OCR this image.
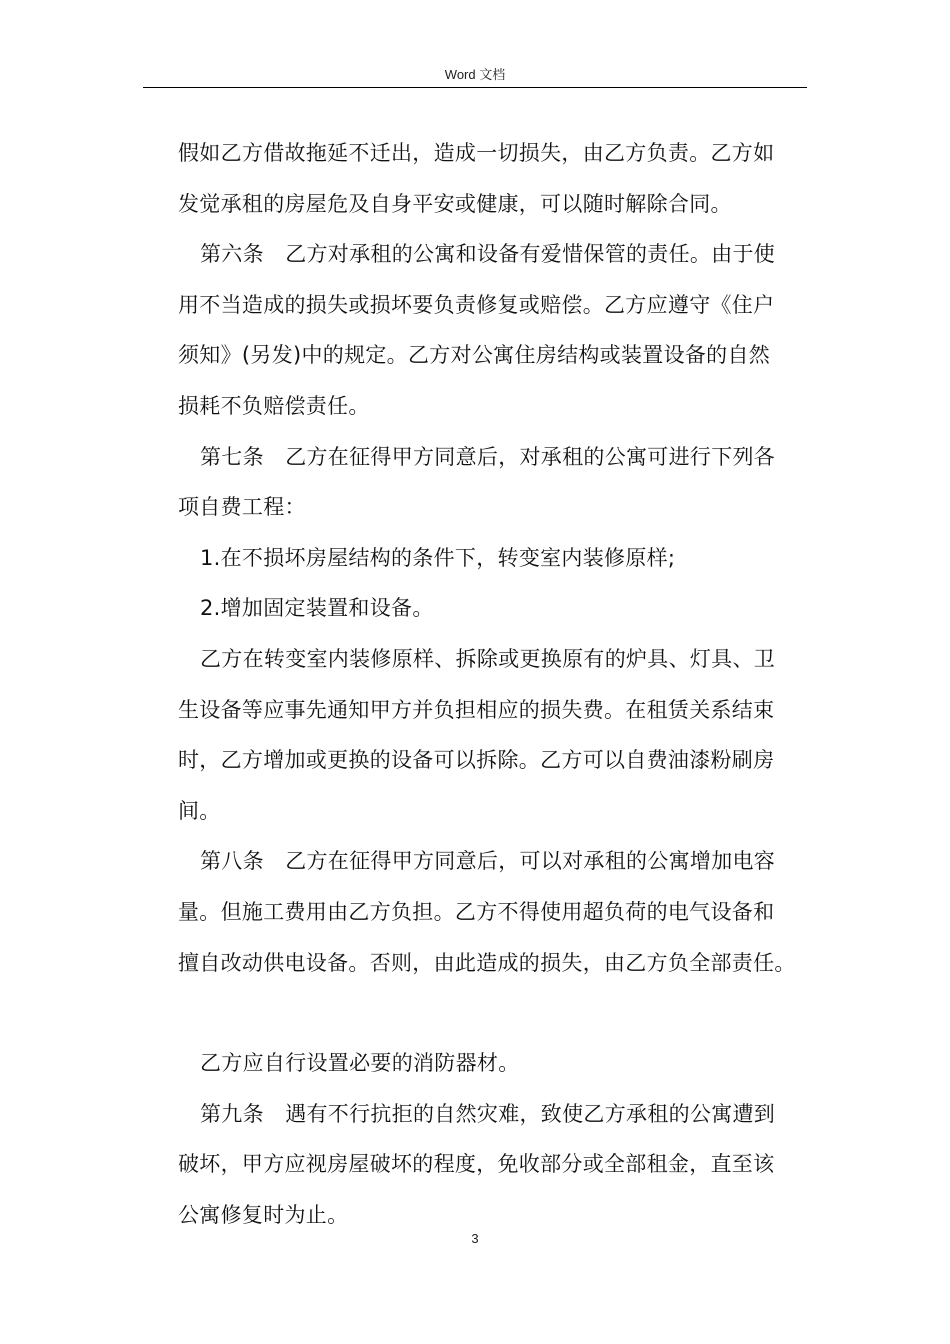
Word 文档

假如乙方借故拖延不迁出，造成一切损失，由乙方负责。乙方如

发觉承租的房屋危及自身平安或健康，可以随时解除合同。

第六条　乙方对承租的公寓和设备有爱惜保管的责任。由于使

用不当造成的损失或损坏要负责修复或赔偿。乙方应遵守《住户

须知》(另发)中的规定。乙方对公寓住房结构或装置设备的自然

损耗不负赔偿责任。

第七条　乙方在征得甲方同意后，对承租的公寓可进行下列各

项自费工程：

1.在不损坏房屋结构的条件下，转变室内装修原样;

2.增加固定装置和设备。

乙方在转变室内装修原样、拆除或更换原有的炉具、灯具、卫

生设备等应事先通知甲方并负担相应的损失费。在租赁关系结束

时，乙方增加或更换的设备可以拆除。乙方可以自费油漆粉刷房

间。

第八条　乙方在征得甲方同意后，可以对承租的公寓增加电容

量。但施工费用由乙方负担。乙方不得使用超负荷的电气设备和

擅自改动供电设备。否则，由此造成的损失，由乙方负全部责任。

乙方应自行设置必要的消防器材。

第九条　遇有不行抗拒的自然灾难，致使乙方承租的公寓遭到

破坏，甲方应视房屋破坏的程度，免收部分或全部租金，直至该

公寓修复时为止。

3
